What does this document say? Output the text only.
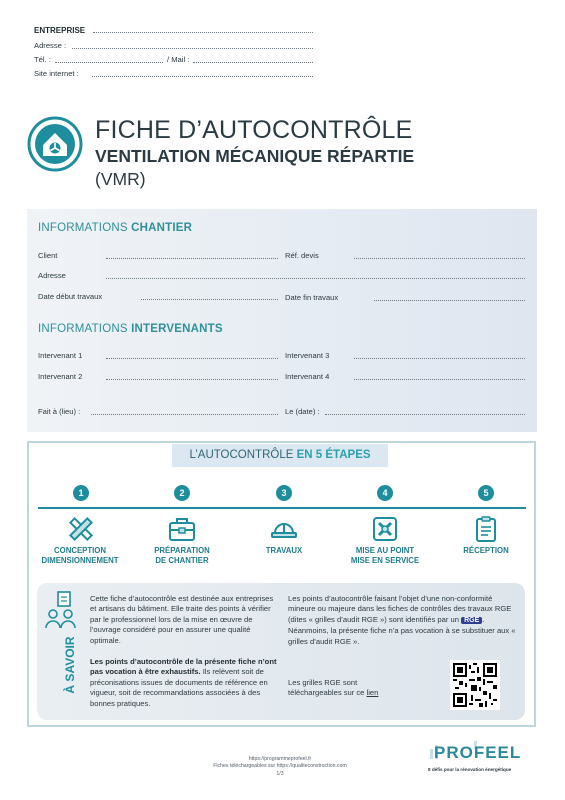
ENTREPRISE
Adresse :
Tél. :	/ Mail :
Site internet :
FICHE D’AUTOCONTRÔLE
VENTILATION MÉCANIQUE RÉPARTIE
(VMR)
INFORMATIONS CHANTIER
Client	Réf. devis
Adresse
Date début travaux	Date fin travaux
INFORMATIONS INTERVENANTS
Intervenant 1	Intervenant 3
Intervenant 2	Intervenant 4
Fait à (lieu) :	Le (date) :
L’AUTOCONTRÔLE EN 5 ÉTAPES
1	2	3	4	5
CONCEPTION
DIMENSIONNEMENT
PRÉPARATION
DE CHANTIER
TRAVAUX	MISE AU POINT
MISE EN SERVICE
RÉCEPTION
À SAVOIR
Cette fiche d’autocontrôle est destinée aux entreprises et artisans du bâtiment. Elle traite des points à vérifier par le professionnel lors de la mise en œuvre de l’ouvrage considéré pour en assurer une qualité optimale.
Les points d’autocontrôle de la présente fiche n’ont pas vocation à être exhaustifs. Ils relèvent soit de préconisations issues de documents de référence en vigueur, soit de recommandations associées à des bonnes pratiques.
Les points d’autocontrôle faisant l’objet d’une non-conformité mineure ou majeure dans les fiches de contrôles des travaux RGE (dites « grilles d’audit RGE ») sont identifiés par un RGE . Néanmoins, la présente fiche n’a pas vocation à se substituer aux « grilles d’audit RGE ».
Les grilles RGE sont téléchargeables sur ce lien
https://programmeprofeel.fr
Fiches téléchargeables sur https://qualiteconstruction.com
1/3
PROFEEL
8 défis pour la rénovation énergétique
